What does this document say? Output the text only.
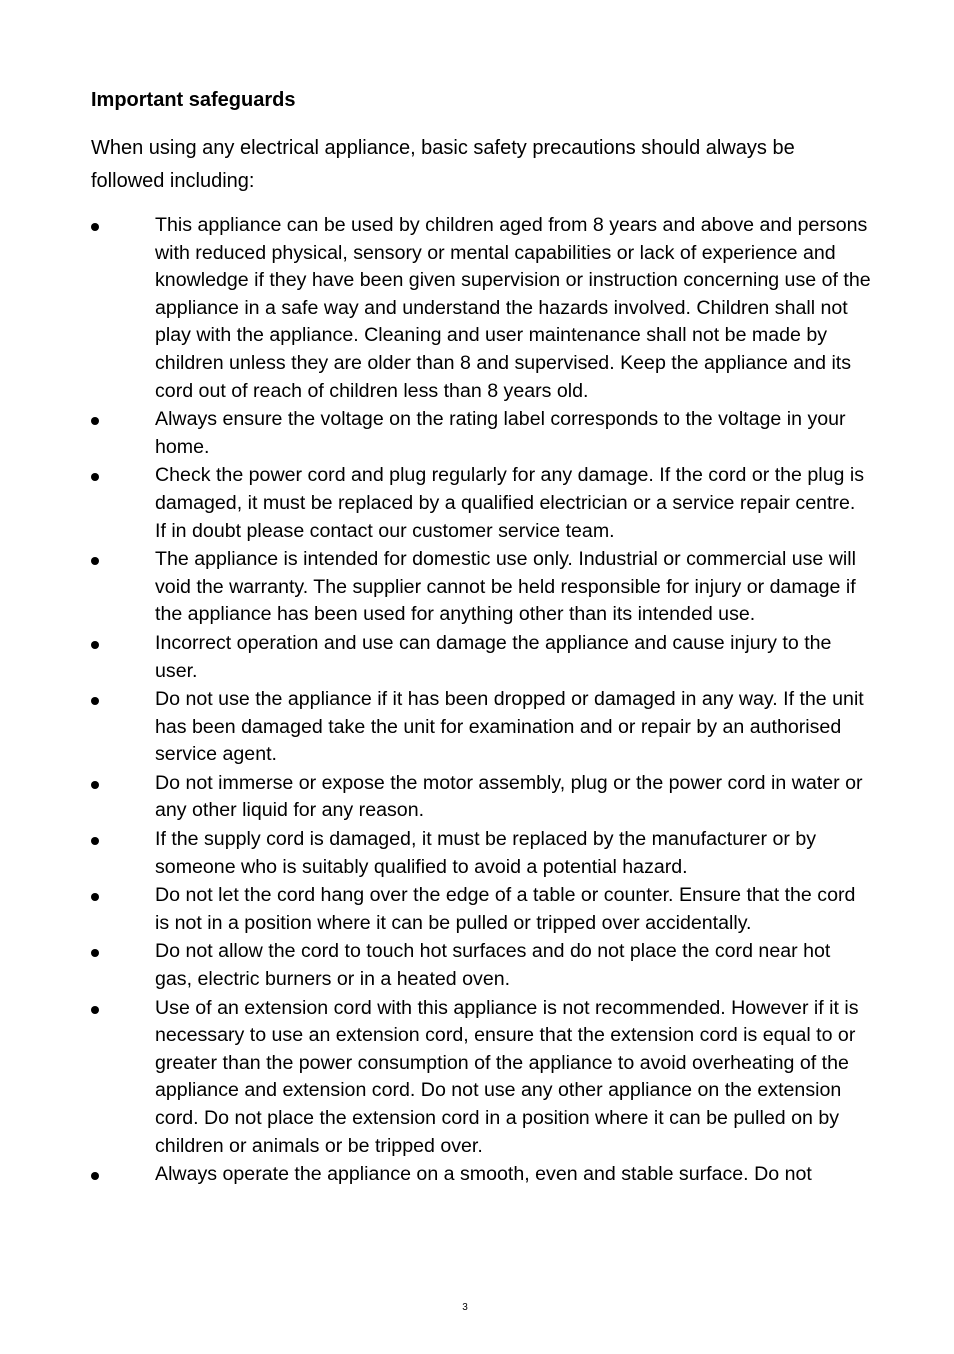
Important safeguards

When using any electrical appliance, basic safety precautions should always be followed including:

This appliance can be used by children aged from 8 years and above and persons with reduced physical, sensory or mental capabilities or lack of experience and knowledge if they have been given supervision or instruction concerning use of the appliance in a safe way and understand the hazards involved. Children shall not play with the appliance. Cleaning and user maintenance shall not be made by children unless they are older than 8 and supervised. Keep the appliance and its cord out of reach of children less than 8 years old.
Always ensure the voltage on the rating label corresponds to the voltage in your home.
Check the power cord and plug regularly for any damage. If the cord or the plug is damaged, it must be replaced by a qualified electrician or a service repair centre. If in doubt please contact our customer service team.
The appliance is intended for domestic use only. Industrial or commercial use will void the warranty. The supplier cannot be held responsible for injury or damage if the appliance has been used for anything other than its intended use.
Incorrect operation and use can damage the appliance and cause injury to the user.
Do not use the appliance if it has been dropped or damaged in any way. If the unit has been damaged take the unit for examination and or repair by an authorised service agent.
Do not immerse or expose the motor assembly, plug or the power cord in water or any other liquid for any reason.
If the supply cord is damaged, it must be replaced by the manufacturer or by someone who is suitably qualified to avoid a potential hazard.
Do not let the cord hang over the edge of a table or counter. Ensure that the cord is not in a position where it can be pulled or tripped over accidentally.
Do not allow the cord to touch hot surfaces and do not place the cord near hot gas, electric burners or in a heated oven.
Use of an extension cord with this appliance is not recommended. However if it is necessary to use an extension cord, ensure that the extension cord is equal to or greater than the power consumption of the appliance to avoid overheating of the appliance and extension cord. Do not use any other appliance on the extension cord. Do not place the extension cord in a position where it can be pulled on by children or animals or be tripped over.
Always operate the appliance on a smooth, even and stable surface. Do not
3
